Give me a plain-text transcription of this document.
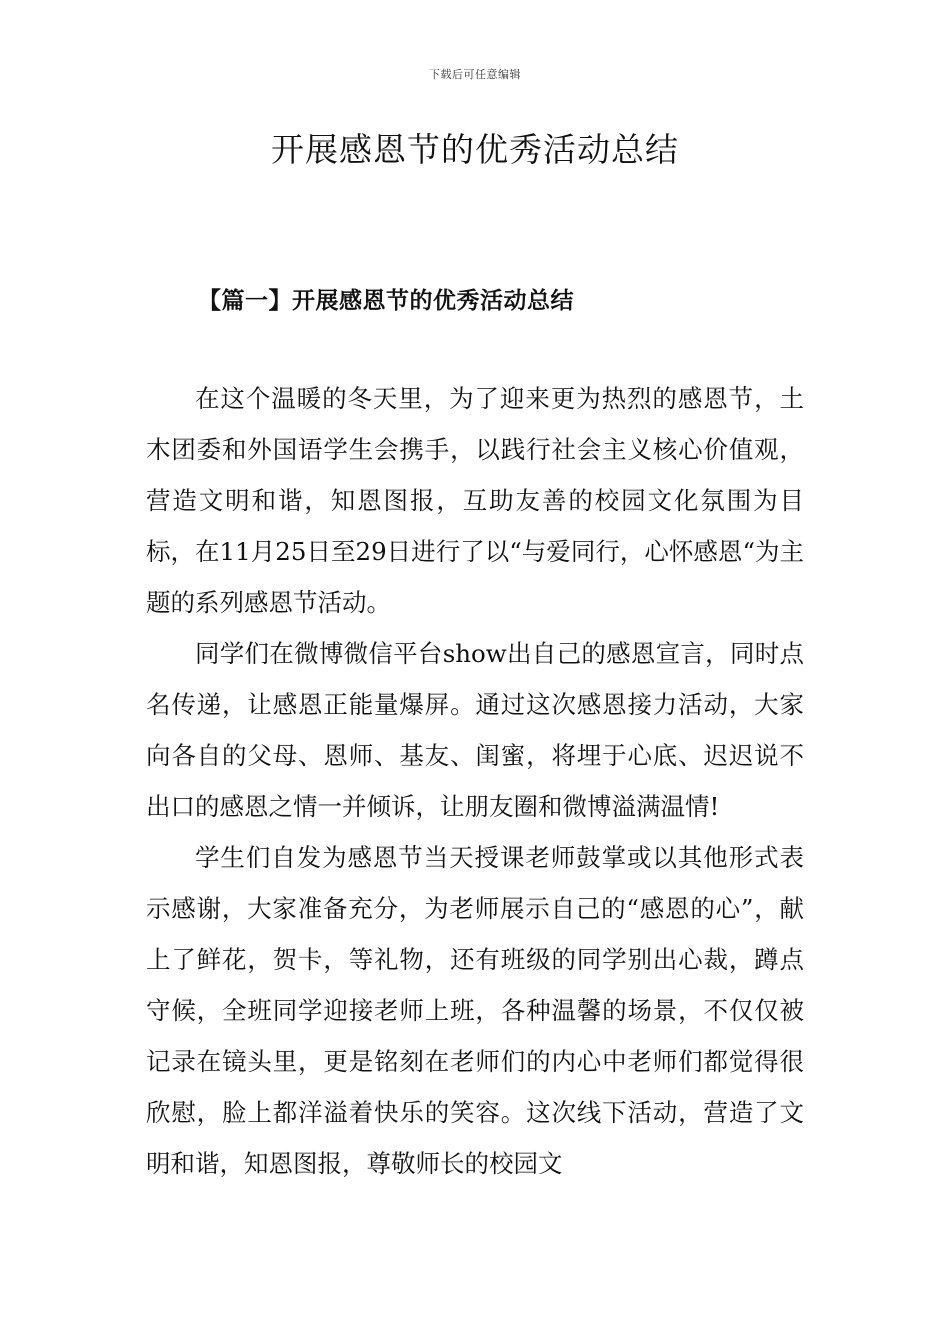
下载后可任意编辑
开展感恩节的优秀活动总结
【篇一】开展感恩节的优秀活动总结

在这个温暖的冬天里，为了迎来更为热烈的感恩节，土木团委和外国语学生会携手，以践行社会主义核心价值观，营造文明和谐，知恩图报，互助友善的校园文化氛围为目标，在11月25日至29日进行了以“与爱同行，心怀感恩“为主题的系列感恩节活动。

同学们在微博微信平台show出自己的感恩宣言，同时点名传递，让感恩正能量爆屏。通过这次感恩接力活动，大家向各自的父母、恩师、基友、闺蜜，将埋于心底、迟迟说不出口的感恩之情一并倾诉，让朋友圈和微博溢满温情!

学生们自发为感恩节当天授课老师鼓掌或以其他形式表示感谢，大家准备充分，为老师展示自己的“感恩的心”，献上了鲜花，贺卡，等礼物，还有班级的同学别出心裁，蹲点守候，全班同学迎接老师上班，各种温馨的场景，不仅仅被记录在镜头里，更是铭刻在老师们的内心中老师们都觉得很欣慰，脸上都洋溢着快乐的笑容。这次线下活动，营造了文明和谐，知恩图报，尊敬师长的校园文
